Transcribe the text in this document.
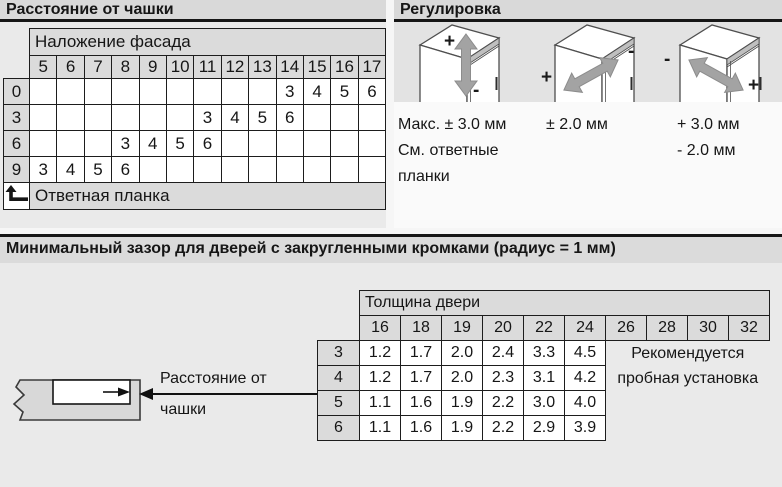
Расстояние от чашки
	Наложение фасада												
	5	6	7	8	9	10	11	12	13	14	15	16	17
0										3	4	5	6
3							3	4	5	6			
6				3	4	5	6						
9	3	4	5	6									
	Ответная планка												
Регулировка
+
-
+
- -
+
Макс. ± 3.0 мм
См. ответные
планки
± 2.0 мм	+ 3.0 мм
- 2.0 мм
Минимальный зазор для дверей с закругленными кромками (радиус = 1 мм)
Расстояние от
чашки
	Толщина двери									
	16	18	19	20	22	24	26	28	30	32
3	1.2	1.7	2.0	2.4	3.3	4.5	Рекомендуется
пробная установка			

4	1.2	1.7	2.0	2.3	3.1	4.2				
5	1.1	1.6	1.9	2.2	3.0	4.0				
6	1.1	1.6	1.9	2.2	2.9	3.9				
